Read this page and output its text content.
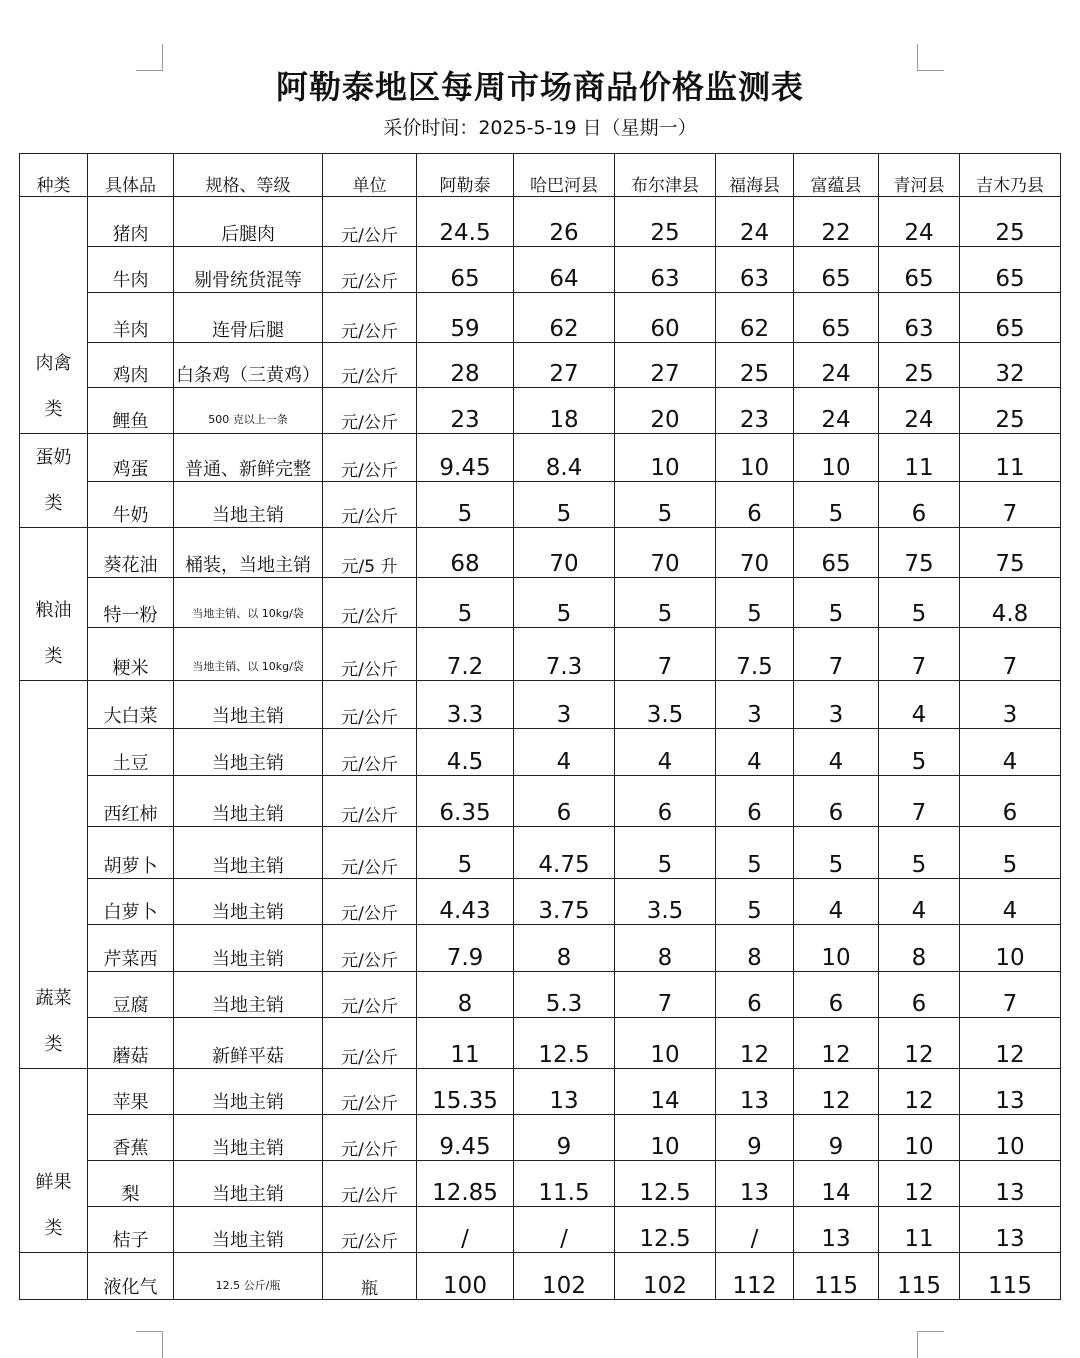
阿勒泰地区每周市场商品价格监测表
采价时间：2025-5-19 日（星期一）
种类	具体品	规格、等级	单位	阿勒泰	哈巴河县	布尔津县	福海县	富蕴县	青河县	吉木乃县

肉禽
类	猪肉	后腿肉	元/公斤	24.5	26	25	24	22	24	25
	牛肉	剔骨统货混等	元/公斤	65	64	63	63	65	65	65
	羊肉	连骨后腿	元/公斤	59	62	60	62	65	63	65
	鸡肉	白条鸡（三黄鸡）	元/公斤	28	27	27	25	24	25	32
	鲤鱼	500 克以上一条	元/公斤	23	18	20	23	24	24	25

蛋奶
类	鸡蛋	普通、新鲜完整	元/公斤	9.45	8.4	10	10	10	11	11
	牛奶	当地主销	元/公斤	5	5	5	6	5	6	7

粮油
类	葵花油	桶装，当地主销	元/5 升	68	70	70	70	65	75	75
	特一粉	当地主销、以 10kg/袋	元/公斤	5	5	5	5	5	5	4.8
	粳米	当地主销、以 10kg/袋	元/公斤	7.2	7.3	7	7.5	7	7	7

蔬菜
类	大白菜	当地主销	元/公斤	3.3	3	3.5	3	3	4	3
	土豆	当地主销	元/公斤	4.5	4	4	4	4	5	4
	西红柿	当地主销	元/公斤	6.35	6	6	6	6	7	6
	胡萝卜	当地主销	元/公斤	5	4.75	5	5	5	5	5
	白萝卜	当地主销	元/公斤	4.43	3.75	3.5	5	4	4	4
	芹菜西	当地主销	元/公斤	7.9	8	8	8	10	8	10
	豆腐	当地主销	元/公斤	8	5.3	7	6	6	6	7
	蘑菇	新鲜平菇	元/公斤	11	12.5	10	12	12	12	12

鲜果
类	苹果	当地主销	元/公斤	15.35	13	14	13	12	12	13
	香蕉	当地主销	元/公斤	9.45	9	10	9	9	10	10
	梨	当地主销	元/公斤	12.85	11.5	12.5	13	14	12	13
	桔子	当地主销	元/公斤	/	/	12.5	/	13	11	13

	液化气	12.5 公斤/瓶	瓶	100	102	102	112	115	115	115
